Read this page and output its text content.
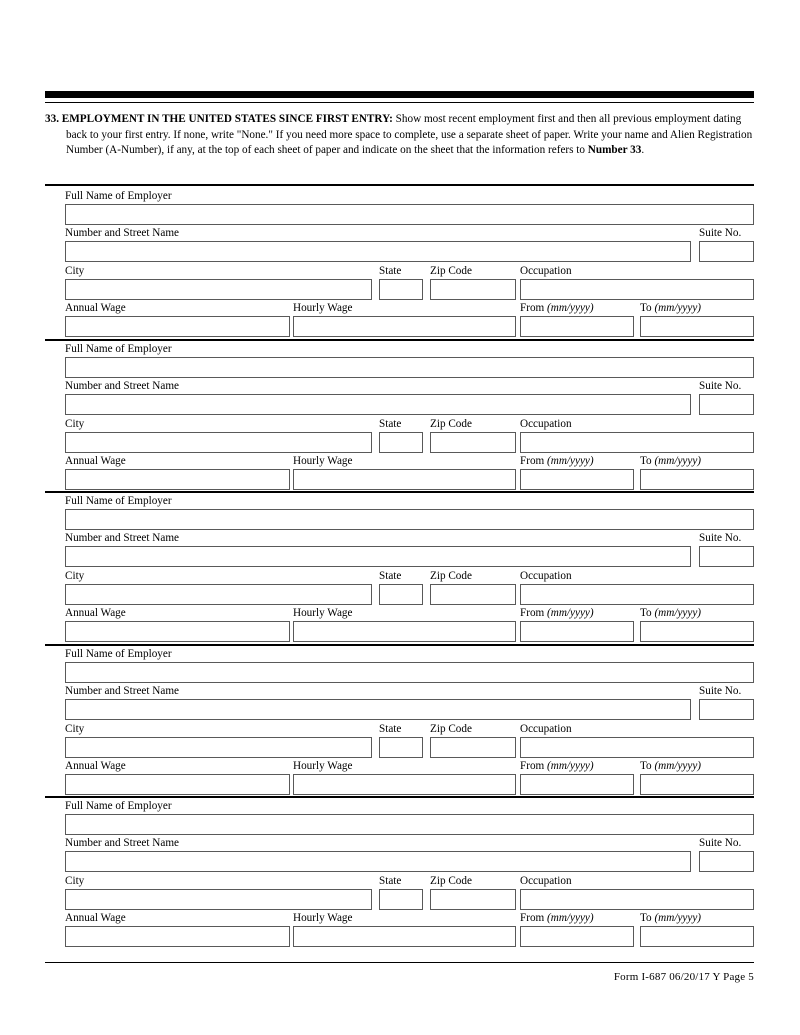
33. EMPLOYMENT IN THE UNITED STATES SINCE FIRST ENTRY: Show most recent employment first and then all previous employment dating back to your first entry. If none, write "None." If you need more space to complete, use a separate sheet of paper. Write your name and Alien Registration Number (A-Number), if any, at the top of each sheet of paper and indicate on the sheet that the information refers to Number 33.
Full Name of Employer
Number and Street Name	Suite No.
City	State	Zip Code	Occupation
Annual Wage	Hourly Wage	From (mm/yyyy)	To (mm/yyyy)
Full Name of Employer
Number and Street Name	Suite No.
City	State	Zip Code	Occupation
Annual Wage	Hourly Wage	From (mm/yyyy)	To (mm/yyyy)
Full Name of Employer
Number and Street Name	Suite No.
City	State	Zip Code	Occupation
Annual Wage	Hourly Wage	From (mm/yyyy)	To (mm/yyyy)
Full Name of Employer
Number and Street Name	Suite No.
City	State	Zip Code	Occupation
Annual Wage	Hourly Wage	From (mm/yyyy)	To (mm/yyyy)
Full Name of Employer
Number and Street Name	Suite No.
City	State	Zip Code	Occupation
Annual Wage	Hourly Wage	From (mm/yyyy)	To (mm/yyyy)
Form I-687 06/20/17 Y Page 5
